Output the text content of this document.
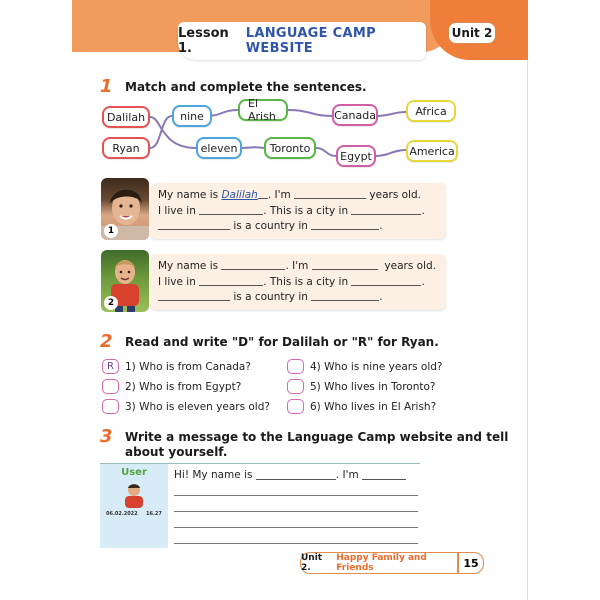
Lesson 1.
LANGUAGE CAMP WEBSITE
Unit 2
1 Match and complete the sentences.
Dalilah
Ryan
nine
eleven
El Arish
Toronto
Canada
Egypt
Africa
America
1
My name is
Dalilah . I'm

	years old.
I live in
	. This is a city in
	.

is a country in
	.
2
My name is
	. I'm

	years old.
I live in
	. This is a city in
	.

is a country in
	.
2 Read and write "D" for Dalilah or "R" for Ryan.
R	1) Who is from Canada?
2) Who is from Egypt?
3) Who is eleven years old?
4) Who is nine years old?
5) Who lives in Toronto?
6) Who lives in El Arish?
3 Write a message to the Language Camp website and tell
about yourself.
User
06.02.2022 16.27
Hi! My name is
	. I'm

Unit 2.
Happy Family and Friends	15
